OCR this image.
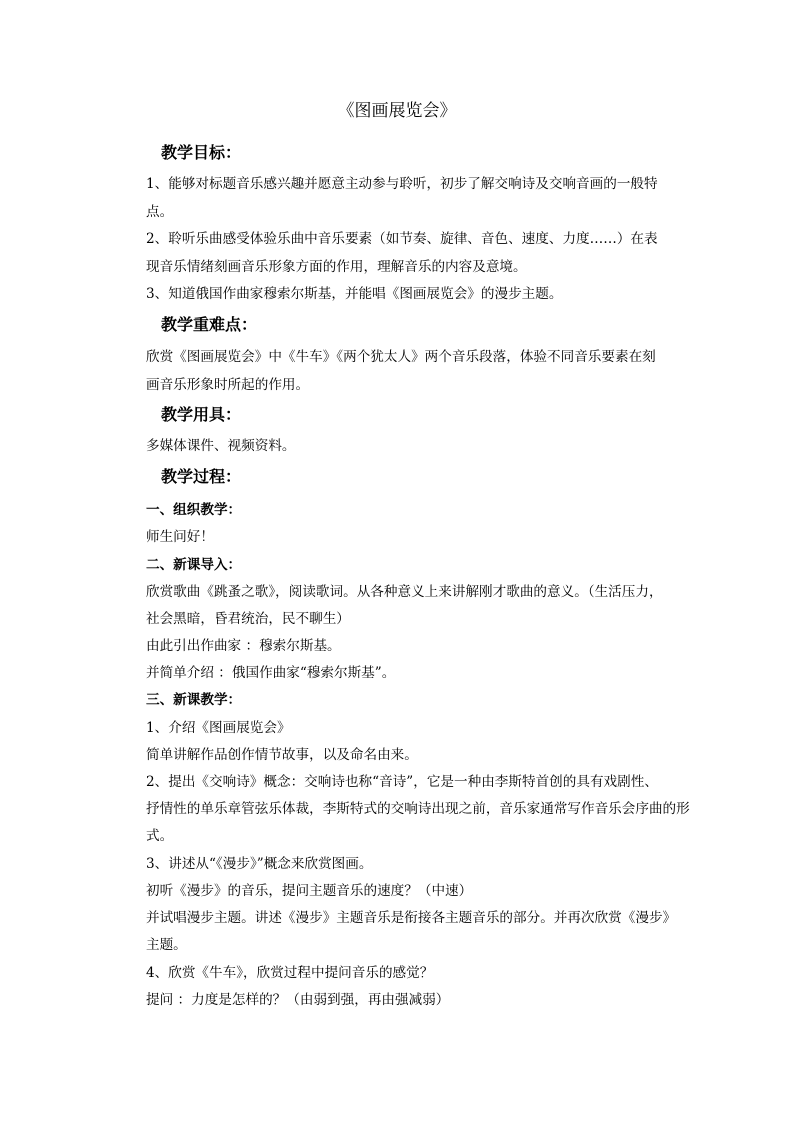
《图画展览会》
教学目标：
1、能够对标题音乐感兴趣并愿意主动参与聆听，初步了解交响诗及交响音画的一般特
点。
2、聆听乐曲感受体验乐曲中音乐要素（如节奏、旋律、音色、速度、力度……）在表
现音乐情绪刻画音乐形象方面的作用，理解音乐的内容及意境。
3、知道俄国作曲家穆索尔斯基，并能唱《图画展览会》的漫步主题。
教学重难点：
欣赏《图画展览会》中《牛车》《两个犹太人》两个音乐段落，体验不同音乐要素在刻
画音乐形象时所起的作用。
教学用具：
多媒体课件、视频资料。
教学过程：
一、组织教学：
师生问好！
二、新课导入：
欣赏歌曲《跳蚤之歌》，阅读歌词。从各种意义上来讲解刚才歌曲的意义。（生活压力，
社会黑暗，昏君统治，民不聊生）
由此引出作曲家 ：穆索尔斯基。
并简单介绍 ：俄国作曲家“穆索尔斯基”。
三、新课教学：
1、介绍《图画展览会》
简单讲解作品创作情节故事，以及命名由来。
2、提出《交响诗》概念：交响诗也称“音诗”，它是一种由李斯特首创的具有戏剧性、
抒情性的单乐章管弦乐体裁，李斯特式的交响诗出现之前，音乐家通常写作音乐会序曲的形
式。
3、讲述从“《漫步》”概念来欣赏图画。
初听《漫步》的音乐，提问主题音乐的速度？（中速）
并试唱漫步主题。讲述《漫步》主题音乐是衔接各主题音乐的部分。并再次欣赏《漫步》
主题。
4、欣赏《牛车》，欣赏过程中提问音乐的感觉？
提问 ：力度是怎样的？（由弱到强，再由强减弱）
